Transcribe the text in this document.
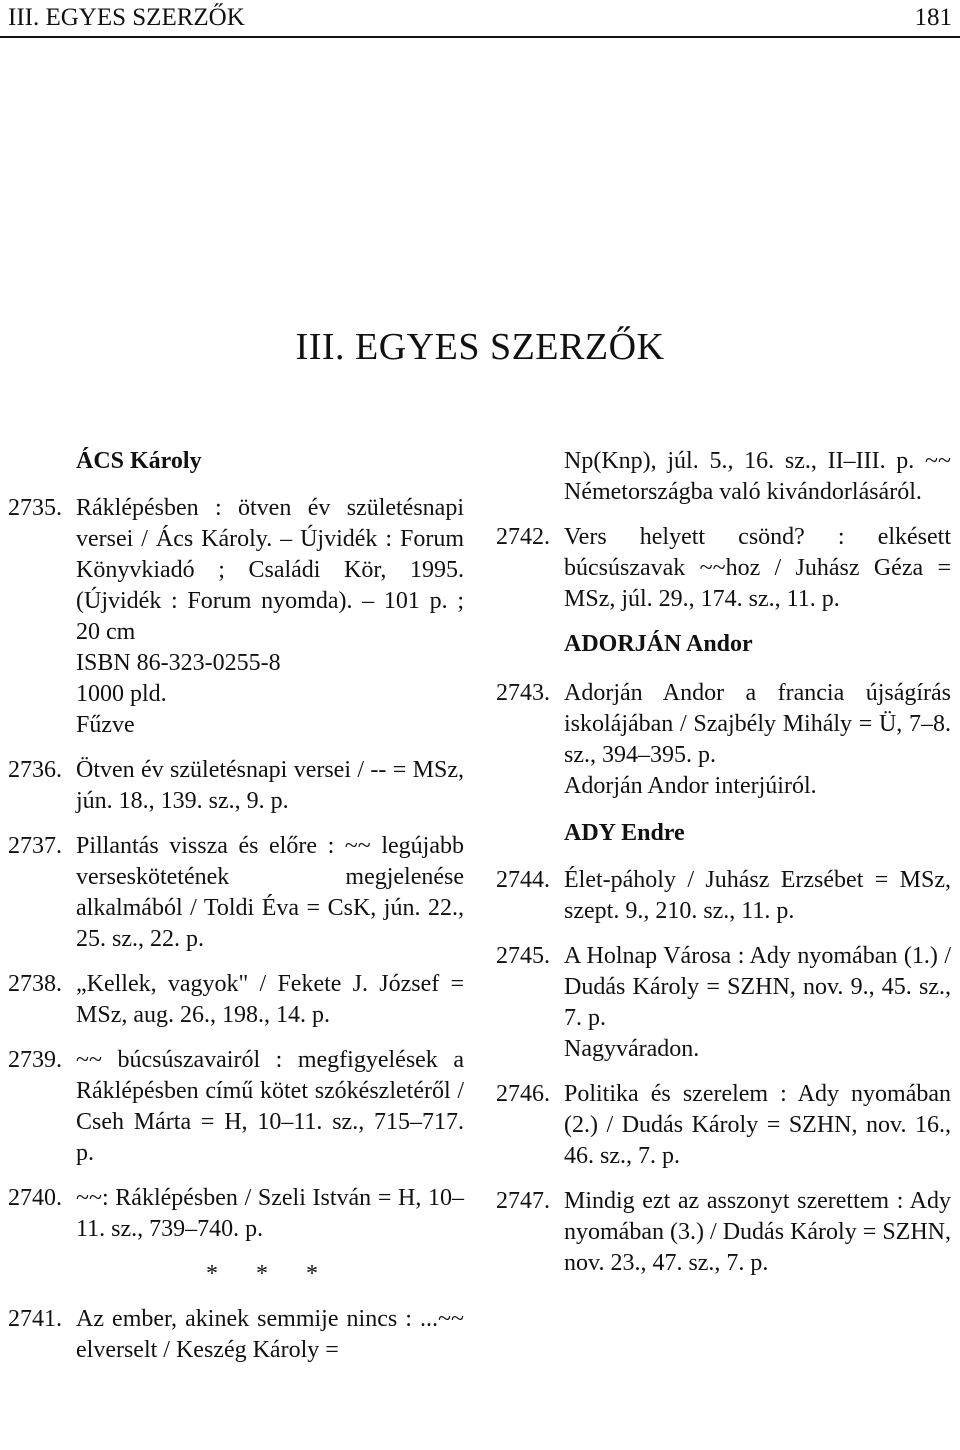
III. EGYES SZERZŐK	181
III. EGYES SZERZŐK

ÁCS Károly

2735. Ráklépésben : ötven év születésnapi versei / Ács Károly. – Újvidék : Forum Könyvkiadó ; Családi Kör, 1995. (Újvidék : Forum nyomda). – 101 p. ; 20 cm
ISBN 86-323-0255-8
1000 pld.
Fűzve
2736. Ötven év születésnapi versei / -- = MSz, jún. 18., 139. sz., 9. p.
2737. Pillantás vissza és előre : ~~ legújabb verseskötetének megjelenése alkalmából / Toldi Éva = CsK, jún. 22., 25. sz., 22. p.
2738. „Kellek, vagyok" / Fekete J. József = MSz, aug. 26., 198., 14. p.
2739. ~~ búcsúszavairól : megfigyelések a Ráklépésben című kötet szókészletéről / Cseh Márta = H, 10–11. sz., 715–717. p.
2740. ~~: Ráklépésben / Szeli István = H, 10–11. sz., 739–740. p.

* * *

2741. Az ember, akinek semmije nincs : ...~~ elverselt / Keszég Károly =
Np(Knp), júl. 5., 16. sz., II–III. p. ~~ Németországba való kivándorlásáról.
2742. Vers helyett csönd? : elkésett búcsúszavak ~~hoz / Juhász Géza = MSz, júl. 29., 174. sz., 11. p.

ADORJÁN Andor

2743. Adorján Andor a francia újságírás iskolájában / Szajbély Mihály = Ü, 7–8. sz., 394–395. p.
Adorján Andor interjúiról.

ADY Endre

2744. Élet-páholy / Juhász Erzsébet = MSz, szept. 9., 210. sz., 11. p.
2745. A Holnap Városa : Ady nyomában (1.) / Dudás Károly = SZHN, nov. 9., 45. sz., 7. p.
Nagyváradon.
2746. Politika és szerelem : Ady nyomában (2.) / Dudás Károly = SZHN, nov. 16., 46. sz., 7. p.
2747. Mindig ezt az asszonyt szerettem : Ady nyomában (3.) / Dudás Károly = SZHN, nov. 23., 47. sz., 7. p.
